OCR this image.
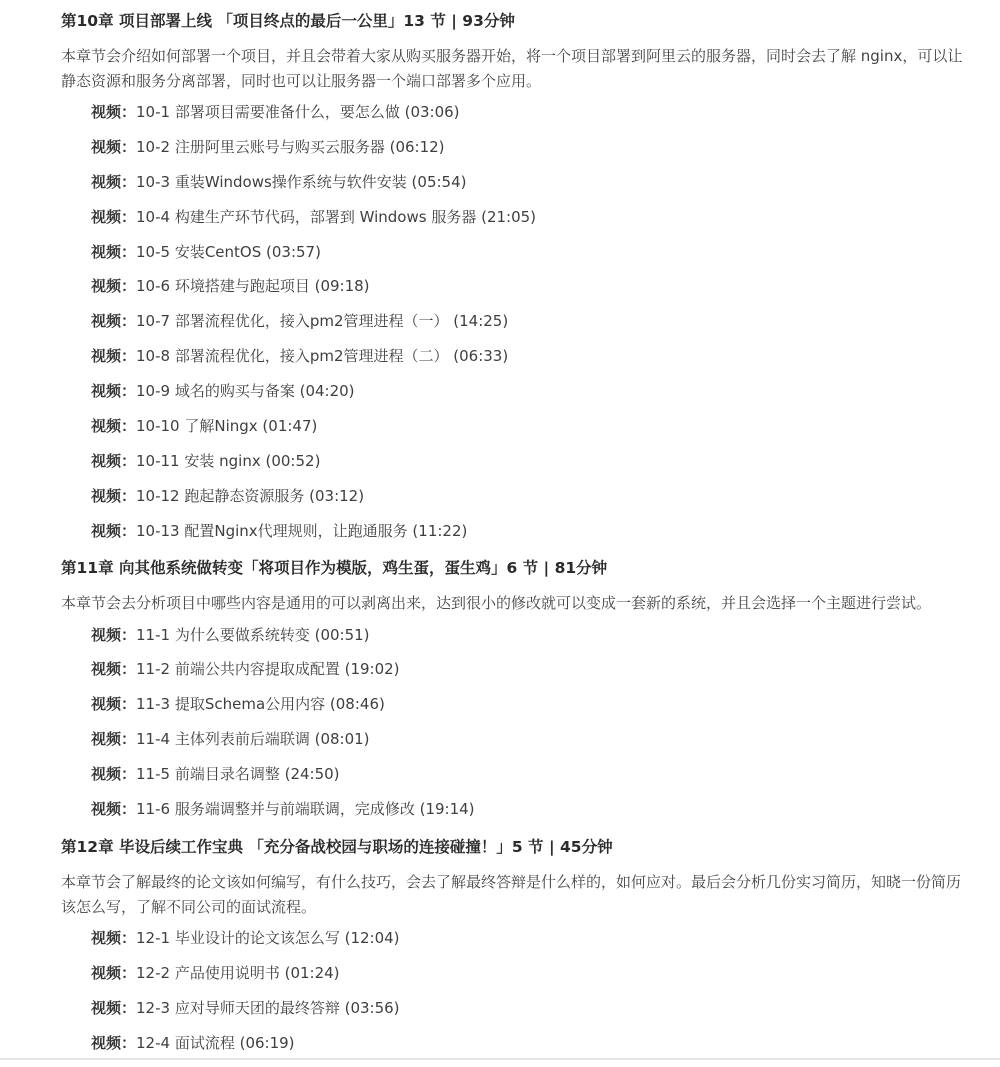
第10章 项目部署上线 「项目终点的最后一公里」13 节 | 93分钟
本章节会介绍如何部署一个项目，并且会带着大家从购买服务器开始，将一个项目部署到阿里云的服务器，同时会去了解 nginx，可以让静态资源和服务分离部署，同时也可以让服务器一个端口部署多个应用。
视频：10-1 部署项目需要准备什么，要怎么做 (03:06)
视频：10-2 注册阿里云账号与购买云服务器 (06:12)
视频：10-3 重装Windows操作系统与软件安装 (05:54)
视频：10-4 构建生产环节代码，部署到 Windows 服务器 (21:05)
视频：10-5 安装CentOS (03:57)
视频：10-6 环境搭建与跑起项目 (09:18)
视频：10-7 部署流程优化，接入pm2管理进程（一） (14:25)
视频：10-8 部署流程优化，接入pm2管理进程（二） (06:33)
视频：10-9 域名的购买与备案 (04:20)
视频：10-10 了解Ningx (01:47)
视频：10-11 安装 nginx (00:52)
视频：10-12 跑起静态资源服务 (03:12)
视频：10-13 配置Nginx代理规则，让跑通服务 (11:22)
第11章 向其他系统做转变「将项目作为模版，鸡生蛋，蛋生鸡」6 节 | 81分钟
本章节会去分析项目中哪些内容是通用的可以剥离出来，达到很小的修改就可以变成一套新的系统，并且会选择一个主题进行尝试。
视频：11-1 为什么要做系统转变 (00:51)
视频：11-2 前端公共内容提取成配置 (19:02)
视频：11-3 提取Schema公用内容 (08:46)
视频：11-4 主体列表前后端联调 (08:01)
视频：11-5 前端目录名调整 (24:50)
视频：11-6 服务端调整并与前端联调，完成修改 (19:14)
第12章 毕设后续工作宝典 「充分备战校园与职场的连接碰撞！」5 节 | 45分钟
本章节会了解最终的论文该如何编写，有什么技巧，会去了解最终答辩是什么样的，如何应对。最后会分析几份实习简历，知晓一份简历该怎么写，了解不同公司的面试流程。
视频：12-1 毕业设计的论文该怎么写 (12:04)
视频：12-2 产品使用说明书 (01:24)
视频：12-3 应对导师天团的最终答辩 (03:56)
视频：12-4 面试流程 (06:19)
